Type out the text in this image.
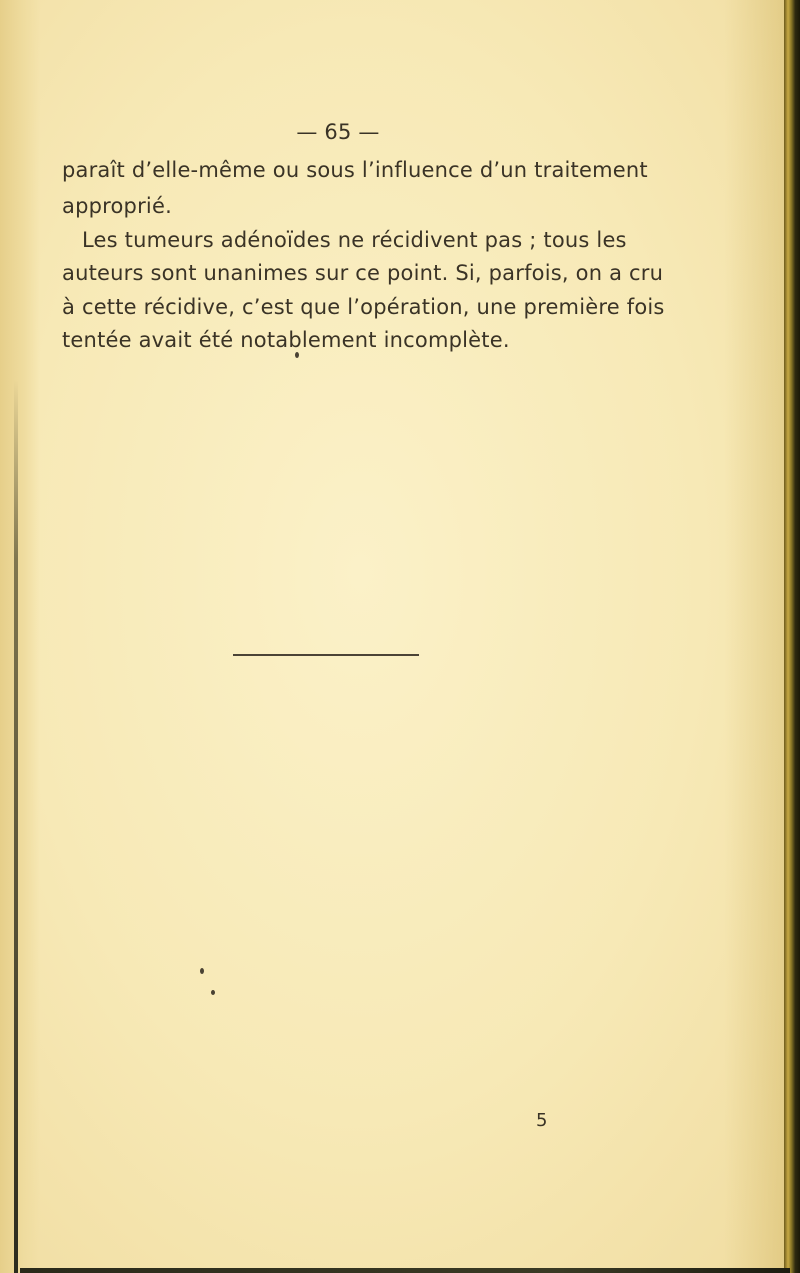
— 65 —
paraît d’elle-même ou sous l’influence d’un traitement
approprié.
Les tumeurs adénoïdes ne récidivent pas ; tous les
auteurs sont unanimes sur ce point. Si, parfois, on a cru
à cette récidive, c’est que l’opération, une première fois
tentée avait été notablement incomplète.
5
